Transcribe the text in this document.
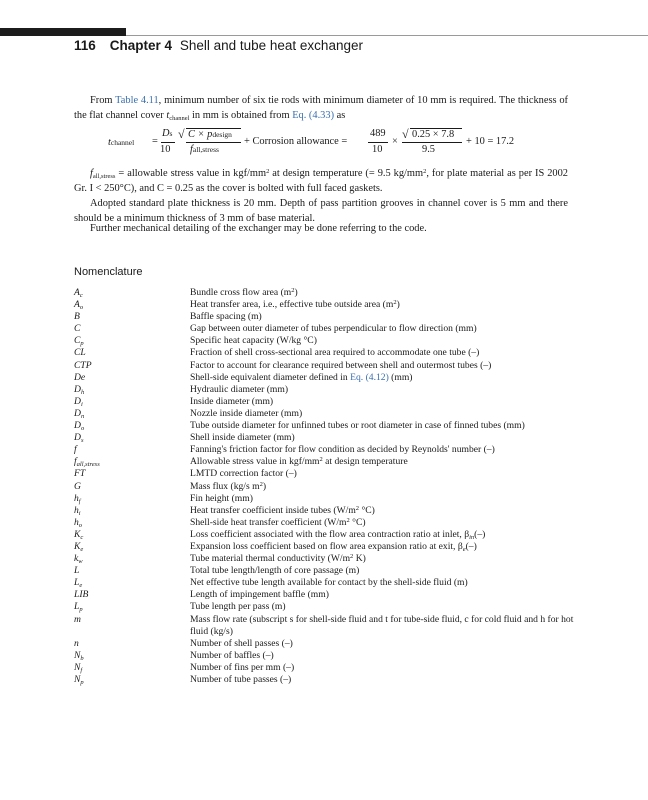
116 Chapter 4 Shell and tube heat exchanger
From Table 4.11, minimum number of six tie rods with minimum diameter of 10 mm is required. The thickness of the flat channel cover $t_{channel}$ in mm is obtained from Eq. (4.33) as
tchannel =
Ds
10
√ C × pdesign
fall,stress
+ Corrosion allowance =
489
10
×
√ 0.25 × 7.8
9.5
+ 10 = 17.2
$f_{all,stress}$ = allowable stress value in kgf/$mm^2$ at design temperature (= 9.5 $kg/mm^2$, for plate material as per IS 2002 Gr. I < 250°C), and C = 0.25 as the cover is bolted with full faced gaskets.
Adopted standard plate thickness is 20 mm. Depth of pass partition grooves in channel cover is 5 mm and there should be a minimum thickness of 3 mm of base material.
Further mechanical detailing of the exchanger may be done referring to the code.
Nomenclature
$A_c$	Bundle cross flow area $(m^2)$
$A_o$	Heat transfer area, i.e., effective tube outside area $(m^2)$
B	Baffle spacing (m)
C	Gap between outer diameter of tubes perpendicular to flow direction (mm)
$C_p$	Specific heat capacity (W/kg °C)
CL	Fraction of shell cross-sectional area required to accommodate one tube (–)
CTP	Factor to account for clearance required between shell and outermost tubes (–)
De	Shell-side equivalent diameter defined in Eq. (4.12) (mm)
$D_h$	Hydraulic diameter (mm)
$D_i$	Inside diameter (mm)
$D_n$	Nozzle inside diameter (mm)
$D_o$	Tube outside diameter for unfinned tubes or root diameter in case of finned tubes (mm)
$D_s$	Shell inside diameter (mm)
f	Fanning's friction factor for flow condition as decided by Reynolds' number (–)
$f_{all,stress}$	Allowable stress value in kgf/$mm^2$ at design temperature
FT	LMTD correction factor (–)
G	Mass flux (kg/s $m^2$)
$h_f$	Fin height (mm)
$h_i$	Heat transfer coefficient inside tubes ($W/m^2$ °C)
$h_o$	Shell-side heat transfer coefficient ($W/m^2$ °C)
$K_c$	Loss coefficient associated with the flow area contraction ratio at inlet, $\beta_{in}(-)$
$K_e$	Expansion loss coefficient based on flow area expansion ratio at exit, $\beta_e(-)$
$k_w$	Tube material thermal conductivity ($W/m^2$ K)
L	Total tube length/length of core passage (m)
$L_e$	Net effective tube length available for contact by the shell-side fluid (m)
LIB	Length of impingement baffle (mm)
$L_p$	Tube length per pass (m)
m	Mass flow rate (subscript s for shell-side fluid and t for tube-side fluid, c for cold fluid and h for hot fluid (kg/s)
n	Number of shell passes (–)
$N_b$	Number of baffles (–)
$N_f$	Number of fins per mm (–)
$N_p$	Number of tube passes (–)
